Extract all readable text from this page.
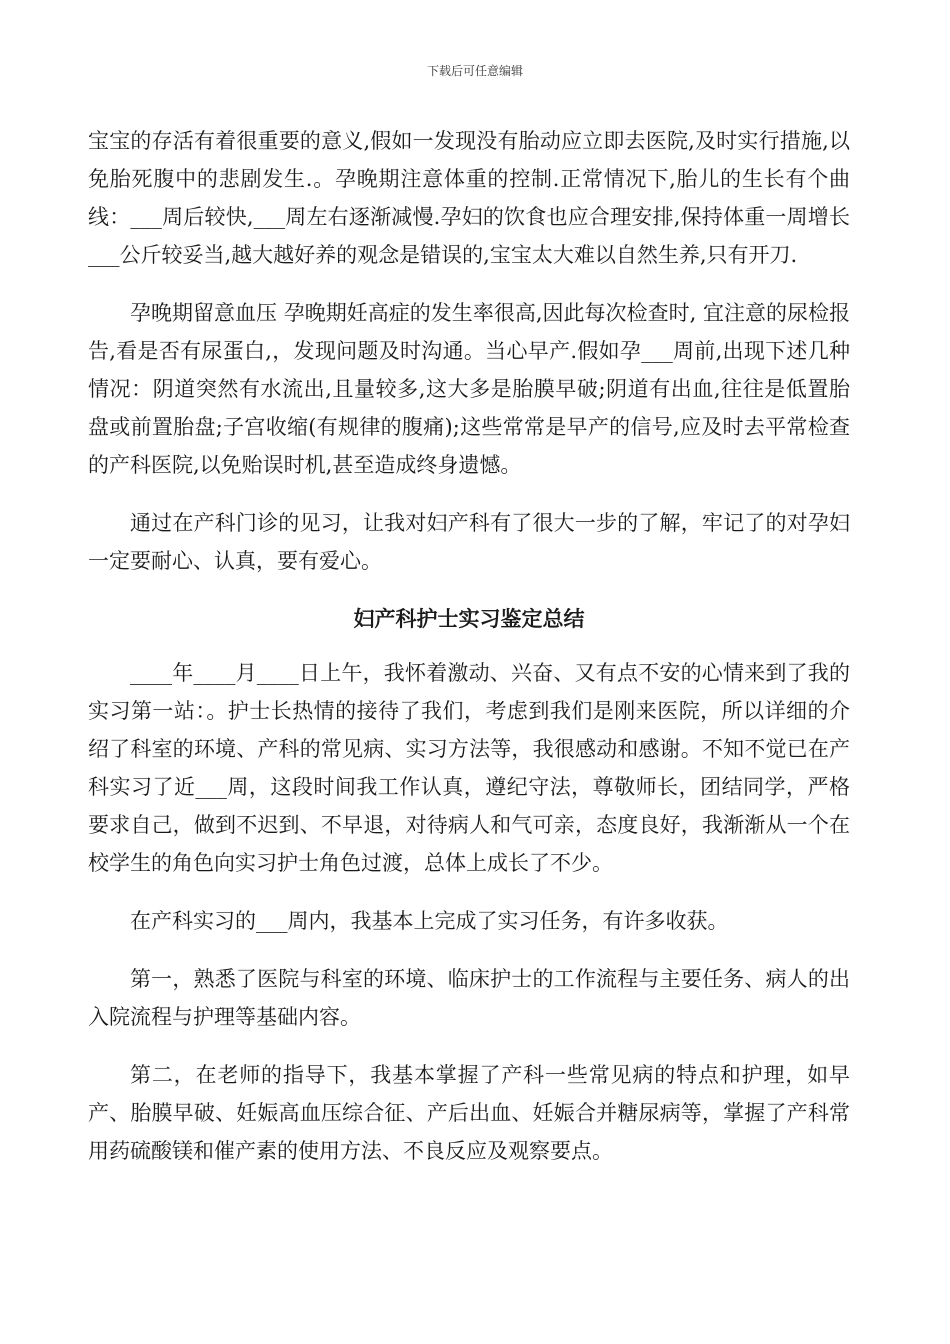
下载后可任意编辑

宝宝的存活有着很重要的意义,假如一发现没有胎动应立即去医院,及时实行措施,以免胎死腹中的悲剧发生.。孕晚期注意体重的控制.正常情况下,胎儿的生长有个曲线：___周后较快,___周左右逐渐减慢.孕妇的饮食也应合理安排,保持体重一周增长___公斤较妥当,越大越好养的观念是错误的,宝宝太大难以自然生养,只有开刀.

孕晚期留意血压 孕晚期妊高症的发生率很高,因此每次检查时, 宜注意的尿检报告,看是否有尿蛋白,，发现问题及时沟通。当心早产.假如孕___周前,出现下述几种情况：阴道突然有水流出,且量较多,这大多是胎膜早破;阴道有出血,往往是低置胎盘或前置胎盘;子宫收缩(有规律的腹痛);这些常常是早产的信号,应及时去平常检查的产科医院,以免贻误时机,甚至造成终身遗憾。

通过在产科门诊的见习，让我对妇产科有了很大一步的了解，牢记了的对孕妇一定要耐心、认真，要有爱心。

妇产科护士实习鉴定总结

____年____月____日上午，我怀着激动、兴奋、又有点不安的心情来到了我的实习第一站：。护士长热情的接待了我们，考虑到我们是刚来医院，所以详细的介绍了科室的环境、产科的常见病、实习方法等，我很感动和感谢。不知不觉已在产科实习了近___周，这段时间我工作认真，遵纪守法，尊敬师长，团结同学，严格要求自己，做到不迟到、不早退，对待病人和气可亲，态度良好，我渐渐从一个在校学生的角色向实习护士角色过渡，总体上成长了不少。

在产科实习的___周内，我基本上完成了实习任务，有许多收获。

第一，熟悉了医院与科室的环境、临床护士的工作流程与主要任务、病人的出入院流程与护理等基础内容。

第二，在老师的指导下，我基本掌握了产科一些常见病的特点和护理，如早产、胎膜早破、妊娠高血压综合征、产后出血、妊娠合并糖尿病等，掌握了产科常用药硫酸镁和催产素的使用方法、不良反应及观察要点。
